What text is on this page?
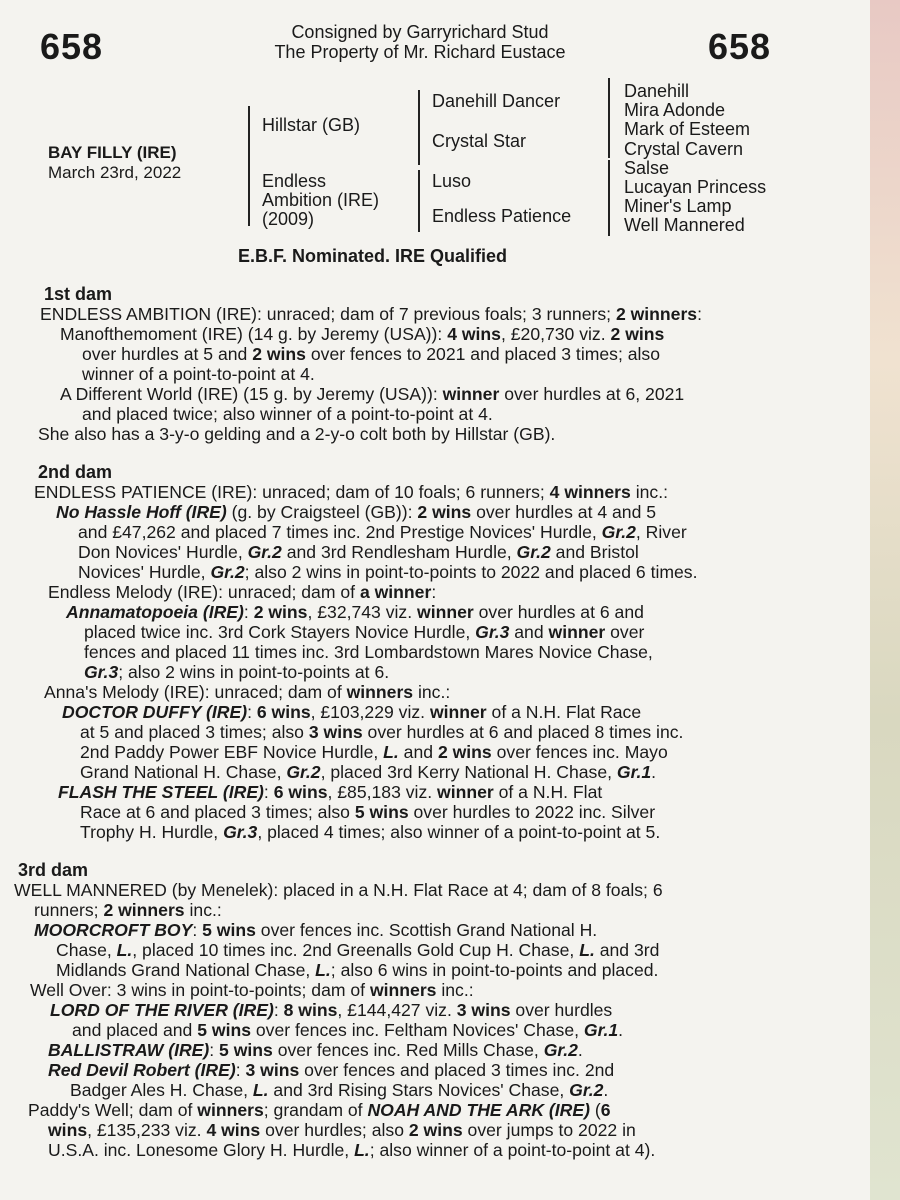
658	658
Consigned by Garryrichard Stud
The Property of Mr. Richard Eustace
BAY FILLY (IRE)
March 23rd, 2022
Hillstar (GB)
Endless
Ambition (IRE)
(2009)
Danehill Dancer
Crystal Star
Luso
Endless Patience
Danehill
Mira Adonde
Mark of Esteem
Crystal Cavern
Salse
Lucayan Princess
Miner's Lamp
Well Mannered
E.B.F. Nominated. IRE Qualified
1st dam
ENDLESS AMBITION (IRE): unraced; dam of 7 previous foals; 3 runners; 2 winners:
Manofthemoment (IRE) (14 g. by Jeremy (USA)): 4 wins, £20,730 viz. 2 wins
over hurdles at 5 and 2 wins over fences to 2021 and placed 3 times; also
winner of a point-to-point at 4.
A Different World (IRE) (15 g. by Jeremy (USA)): winner over hurdles at 6, 2021
and placed twice; also winner of a point-to-point at 4.
She also has a 3-y-o gelding and a 2-y-o colt both by Hillstar (GB).
2nd dam
ENDLESS PATIENCE (IRE): unraced; dam of 10 foals; 6 runners; 4 winners inc.:
No Hassle Hoff (IRE) (g. by Craigsteel (GB)): 2 wins over hurdles at 4 and 5
and £47,262 and placed 7 times inc. 2nd Prestige Novices' Hurdle, Gr.2, River
Don Novices' Hurdle, Gr.2 and 3rd Rendlesham Hurdle, Gr.2 and Bristol
Novices' Hurdle, Gr.2; also 2 wins in point-to-points to 2022 and placed 6 times.
Endless Melody (IRE): unraced; dam of a winner:
Annamatopoeia (IRE): 2 wins, £32,743 viz. winner over hurdles at 6 and
placed twice inc. 3rd Cork Stayers Novice Hurdle, Gr.3 and winner over
fences and placed 11 times inc. 3rd Lombardstown Mares Novice Chase,
Gr.3; also 2 wins in point-to-points at 6.
Anna's Melody (IRE): unraced; dam of winners inc.:
DOCTOR DUFFY (IRE): 6 wins, £103,229 viz. winner of a N.H. Flat Race
at 5 and placed 3 times; also 3 wins over hurdles at 6 and placed 8 times inc.
2nd Paddy Power EBF Novice Hurdle, L. and 2 wins over fences inc. Mayo
Grand National H. Chase, Gr.2, placed 3rd Kerry National H. Chase, Gr.1.
FLASH THE STEEL (IRE): 6 wins, £85,183 viz. winner of a N.H. Flat
Race at 6 and placed 3 times; also 5 wins over hurdles to 2022 inc. Silver
Trophy H. Hurdle, Gr.3, placed 4 times; also winner of a point-to-point at 5.
3rd dam
WELL MANNERED (by Menelek): placed in a N.H. Flat Race at 4; dam of 8 foals; 6
runners; 2 winners inc.:
MOORCROFT BOY: 5 wins over fences inc. Scottish Grand National H.
Chase, L., placed 10 times inc. 2nd Greenalls Gold Cup H. Chase, L. and 3rd
Midlands Grand National Chase, L.; also 6 wins in point-to-points and placed.
Well Over: 3 wins in point-to-points; dam of winners inc.:
LORD OF THE RIVER (IRE): 8 wins, £144,427 viz. 3 wins over hurdles
and placed and 5 wins over fences inc. Feltham Novices' Chase, Gr.1.
BALLISTRAW (IRE): 5 wins over fences inc. Red Mills Chase, Gr.2.
Red Devil Robert (IRE): 3 wins over fences and placed 3 times inc. 2nd
Badger Ales H. Chase, L. and 3rd Rising Stars Novices' Chase, Gr.2.
Paddy's Well; dam of winners; grandam of NOAH AND THE ARK (IRE) (6
wins, £135,233 viz. 4 wins over hurdles; also 2 wins over jumps to 2022 in
U.S.A. inc. Lonesome Glory H. Hurdle, L.; also winner of a point-to-point at 4).
